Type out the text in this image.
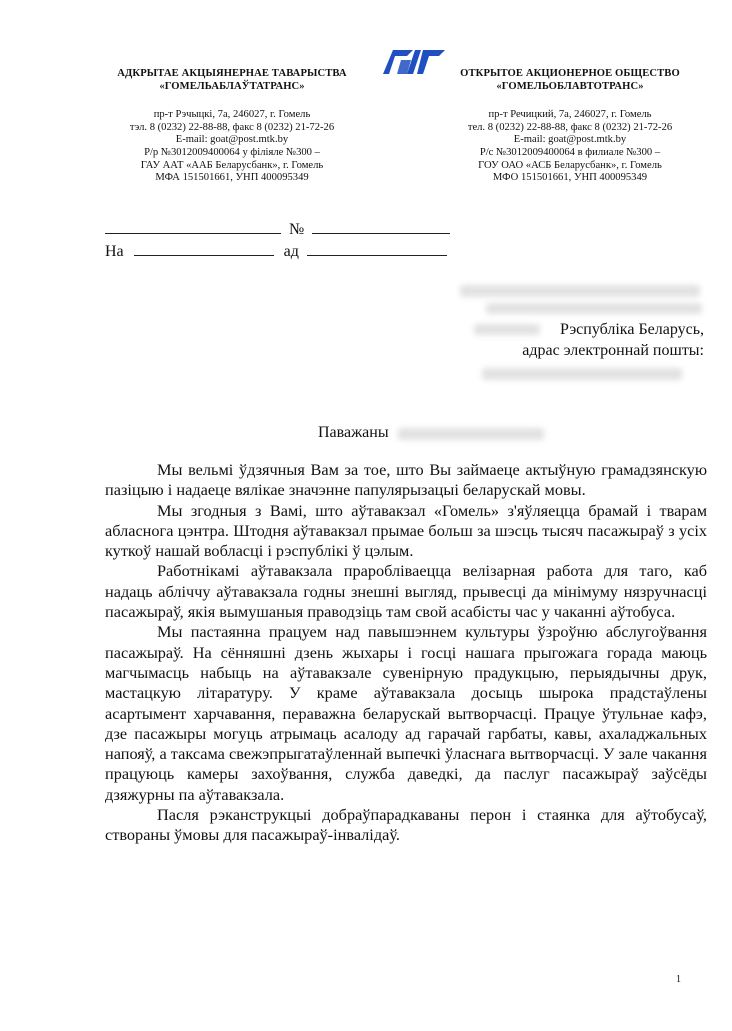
АДКРЫТАЕ АКЦЫЯНЕРНАЕ ТАВАРЫСТВА
«ГОМЕЛЬАБЛАЎТАТРАНС»
пр-т Рэчыцкі, 7а, 246027, г. Гомель
тэл. 8 (0232) 22-88-88, факс 8 (0232) 21-72-26
E-mail: goat@post.mtk.by
Р/р №3012009400064 у філіяле №300 –
ГАУ ААТ «ААБ Беларусбанк», г. Гомель
МФА 151501661, УНП 400095349
ОТКРЫТОЕ АКЦИОНЕРНОЕ ОБЩЕСТВО
«ГОМЕЛЬОБЛАВТОТРАНС»
пр-т Речицкий, 7а, 246027, г. Гомель
тел. 8 (0232) 22-88-88, факс 8 (0232) 21-72-26
E-mail: goat@post.mtk.by
Р/с №3012009400064 в филиале №300 –
ГОУ ОАО «АСБ Беларусбанк», г. Гомель
МФО 151501661, УНП 400095349
№
На	ад
Рэспубліка Беларусь,
адрас электроннай пошты:
Паважаны

Мы вельмі ўдзячныя Вам за тое, што Вы займаеце актыўную грамадзянскую пазіцыю і надаеце вялікае значэнне папулярызацыі беларускай мовы.

Мы згодныя з Вамі, што аўтавакзал «Гомель» з'яўляецца брамай і тварам абласнога цэнтра. Штодня аўтавакзал прымае больш за шэсць тысяч пасажыраў з усіх куткоў нашай вобласці і рэспублікі ў цэлым.

Работнікамі аўтавакзала праробліваецца велізарная работа для таго, каб надаць абліччу аўтавакзала годны знешні выгляд, прывесці да мінімуму нязручнасці пасажыраў, якія вымушаныя праводзіць там свой асабісты час у чаканні аўтобуса.

Мы пастаянна працуем над павышэннем культуры ўзроўню абслугоўвання пасажыраў. На сённяшні дзень жыхары і госці нашага прыгожага горада маюць магчымасць набыць на аўтавакзале сувенірную прадукцыю, перыядычны друк, мастацкую літаратуру. У краме аўтавакзала досыць шырока прадстаўлены асартымент харчавання, пераважна беларускай вытворчасці. Працуе ўтульнае кафэ, дзе пасажыры могуць атрымаць асалоду ад гарачай гарбаты, кавы, ахаладжальных напояў, а таксама свежэпрыгатаўленнай выпечкі ўласнага вытворчасці. У зале чакання працуюць камеры захоўвання, служба даведкі, да паслуг пасажыраў заўсёды дзяжурны па аўтавакзала.

Пасля рэканструкцыі добраўпарадкаваны перон і стаянка для аўтобусаў, створаны ўмовы для пасажыраў-інвалідаў.

1
